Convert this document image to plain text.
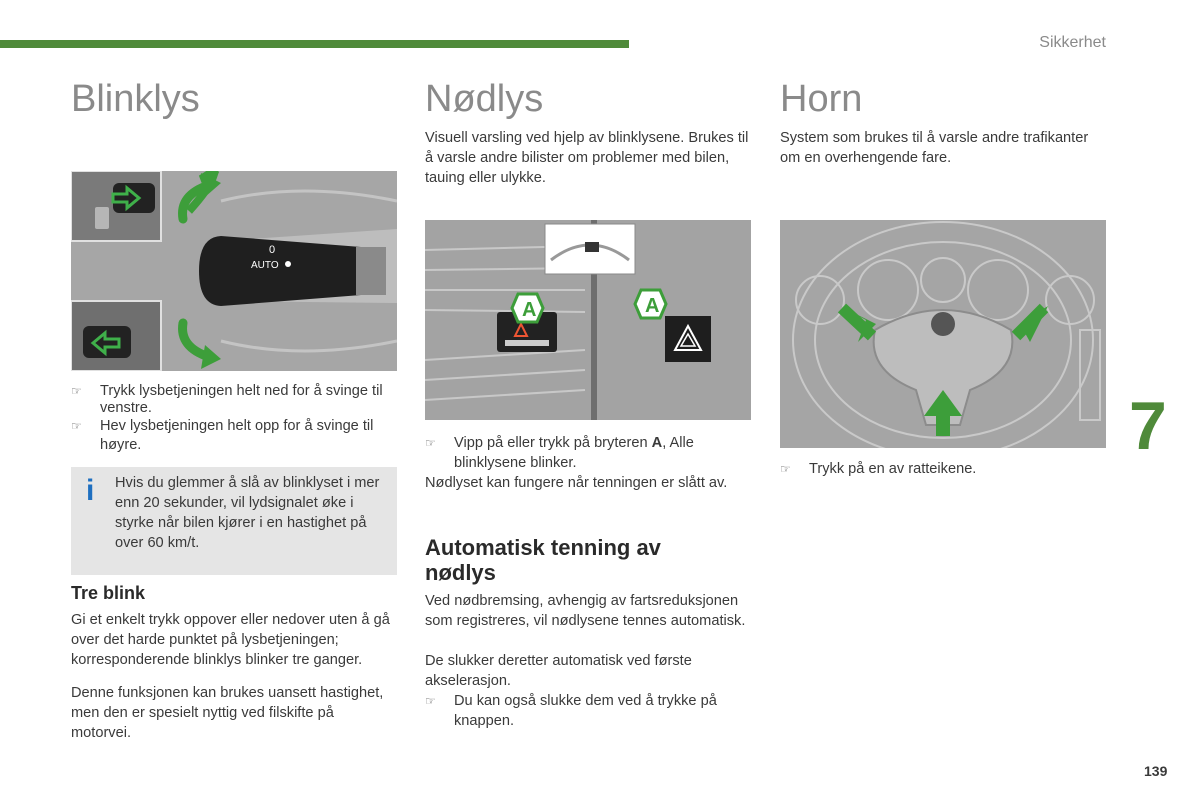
Sikkerhet
Blinklys
0
AUTO
☞ Trykk lysbetjeningen helt ned for å svinge til venstre.
☞ Hev lysbetjeningen helt opp for å svinge til høyre.
i Hvis du glemmer å slå av blinklyset i mer enn 20 sekunder, vil lydsignalet øke i styrke når bilen kjører i en hastighet på over 60 km/t.
Tre blink
Gi et enkelt trykk oppover eller nedover uten å gå over det harde punktet på lysbetjeningen; korresponderende blinklys blinker tre ganger.
Denne funksjonen kan brukes uansett hastighet, men den er spesielt nyttig ved filskifte på motorvei.
Nødlys
Visuell varsling ved hjelp av blinklysene. Brukes til å varsle andre bilister om problemer med bilen, tauing eller ulykke.
A	A
☞ Vipp på eller trykk på bryteren A, Alle blinklysene blinker.
Nødlyset kan fungere når tenningen er slått av.
Automatisk tenning av nødlys
Ved nødbremsing, avhengig av fartsreduksjonen som registreres, vil nødlysene tennes automatisk.
De slukker deretter automatisk ved første akselerasjon.
☞ Du kan også slukke dem ved å trykke på knappen.
Horn
System som brukes til å varsle andre trafikanter om en overhengende fare.
☞ Trykk på en av ratteikene.
7
139
